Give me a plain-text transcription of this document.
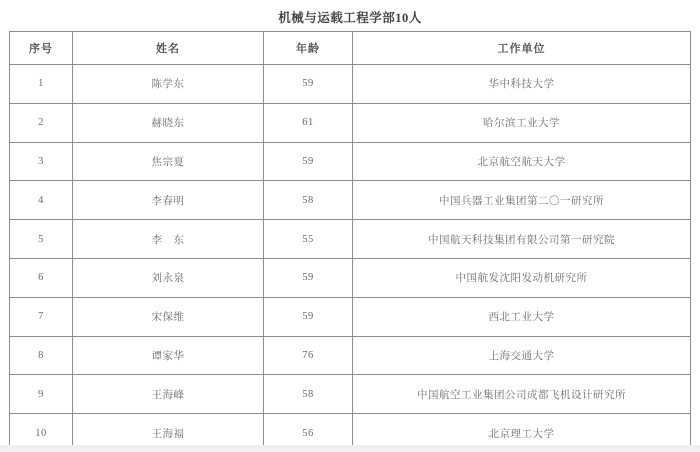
机械与运载工程学部10人
序号	姓名	年龄	工作单位
1	陈学东	59	华中科技大学
2	赫晓东	61	哈尔滨工业大学
3	焦宗夏	59	北京航空航天大学
4	李春明	58	中国兵器工业集团第二〇一研究所
5	李　东	55	中国航天科技集团有限公司第一研究院
6	刘永泉	59	中国航发沈阳发动机研究所
7	宋保维	59	西北工业大学
8	谭家华	76	上海交通大学
9	王海峰	58	中国航空工业集团公司成都飞机设计研究所
10	王海福	56	北京理工大学
